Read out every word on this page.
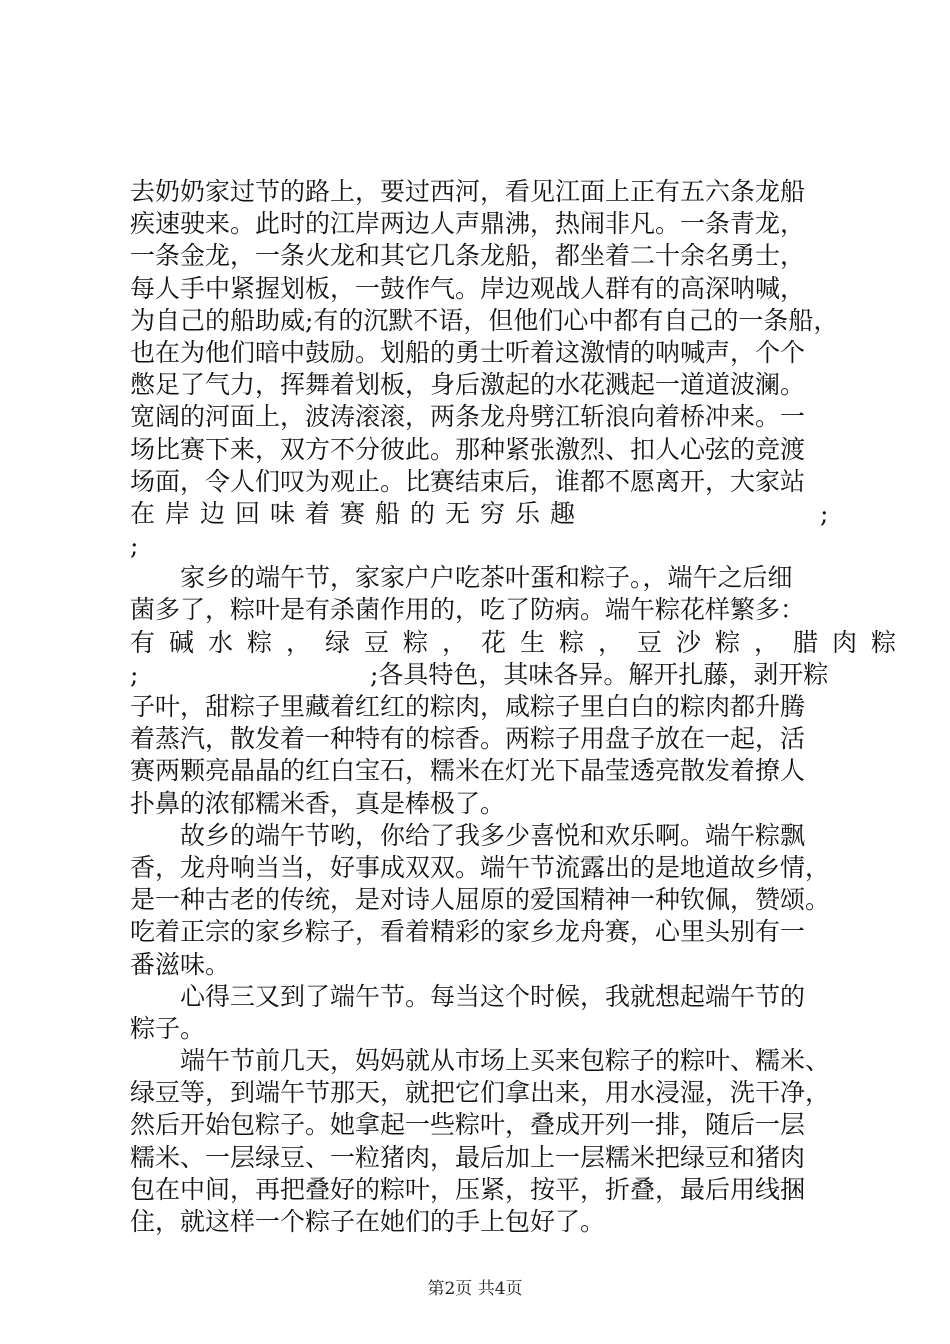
去奶奶家过节的路上，要过西河，看见江面上正有五六条龙船
疾速驶来。此时的江岸两边人声鼎沸，热闹非凡。一条青龙，
一条金龙，一条火龙和其它几条龙船，都坐着二十余名勇士，
每人手中紧握划板，一鼓作气。岸边观战人群有的高深呐喊，
为自己的船助威;有的沉默不语，但他们心中都有自己的一条船，
也在为他们暗中鼓励。划船的勇士听着这激情的呐喊声，个个
憋足了气力，挥舞着划板，身后激起的水花溅起一道道波澜。
宽阔的河面上，波涛滚滚，两条龙舟劈江斩浪向着桥冲来。一
场比赛下来，双方不分彼此。那种紧张激烈、扣人心弦的竞渡
场面，令人们叹为观止。比赛结束后，谁都不愿离开，大家站
在岸边回味着赛船的无穷乐趣	;
;
　　家乡的端午节，家家户户吃茶叶蛋和粽子。，端午之后细
菌多了，粽叶是有杀菌作用的，吃了防病。端午粽花样繁多：
有碱水粽，绿豆粽，花生粽，豆沙粽，腊肉粽
;	;各具特色，其味各异。解开扎藤，剥开粽
子叶，甜粽子里藏着红红的粽肉，咸粽子里白白的粽肉都升腾
着蒸汽，散发着一种特有的棕香。两粽子用盘子放在一起，活
赛两颗亮晶晶的红白宝石，糯米在灯光下晶莹透亮散发着撩人
扑鼻的浓郁糯米香，真是棒极了。
　　故乡的端午节哟，你给了我多少喜悦和欢乐啊。端午粽飘
香，龙舟响当当，好事成双双。端午节流露出的是地道故乡情，
是一种古老的传统，是对诗人屈原的爱国精神一种钦佩，赞颂。
吃着正宗的家乡粽子，看着精彩的家乡龙舟赛，心里头别有一
番滋味。
　　心得三又到了端午节。每当这个时候，我就想起端午节的
粽子。
　　端午节前几天，妈妈就从市场上买来包粽子的粽叶、糯米、
绿豆等，到端午节那天，就把它们拿出来，用水浸湿，洗干净，
然后开始包粽子。她拿起一些粽叶，叠成开列一排，随后一层
糯米、一层绿豆、一粒猪肉，最后加上一层糯米把绿豆和猪肉
包在中间，再把叠好的粽叶，压紧，按平，折叠，最后用线捆
住，就这样一个粽子在她们的手上包好了。
第2页 共4页
